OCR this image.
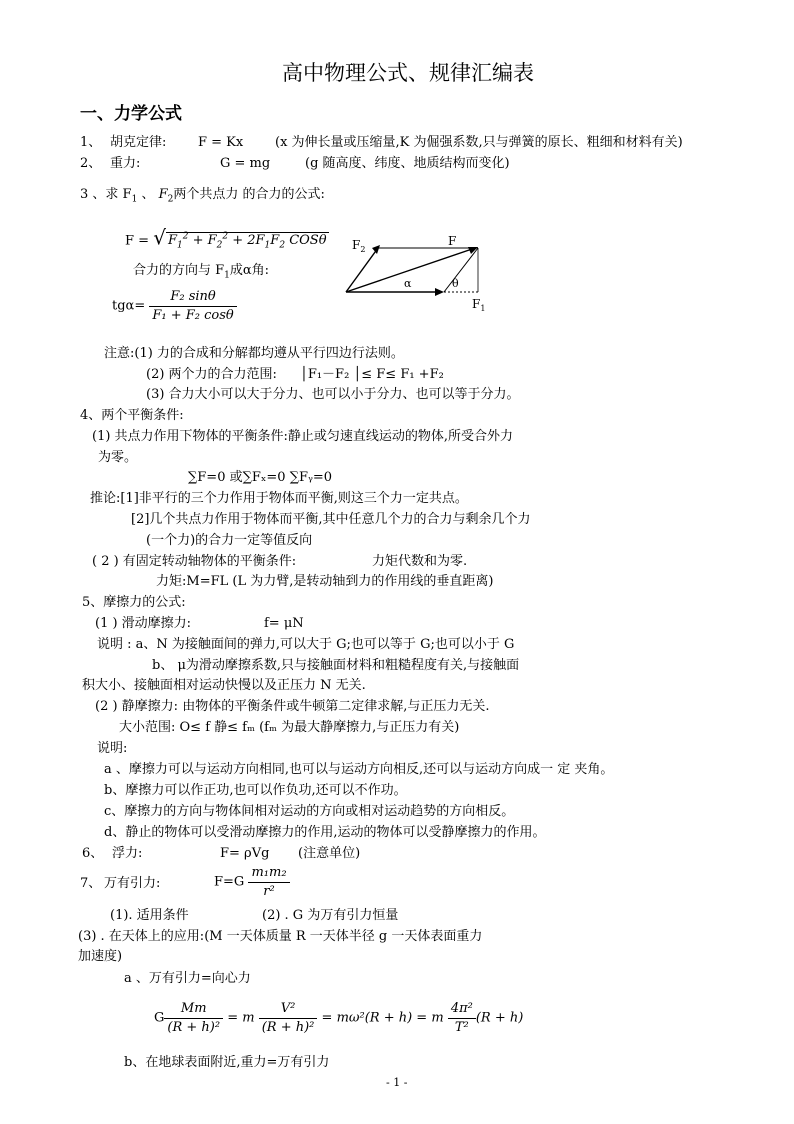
高中物理公式、规律汇编表
一、力学公式
1、 胡克定律: F = Kx (x 为伸长量或压缩量,K 为倔强系数,只与弹簧的原长、粗细和材料有关)
2、 重力:	G = mg	(g 随高度、纬度、地质结构而变化)
3 、求 $F_1$ 、 $F_2$两个共点力 的合力的公式:
F = √ $F_1^2 + F_2^2 + 2F_1F_2$ COSθ
合力的方向与 $F_1$成α角:
$tg\alpha= \frac{\text{F₂ sinθ}}{\text{F₁ + F₂ cosθ}}$
$F_2$
F
α	θ
$F_1$
注意:(1) 力的合成和分解都均遵从平行四边行法则。
(2) 两个力的合力范围: │F₁－F₂ │≤ F≤ F₁ +F₂
(3) 合力大小可以大于分力、也可以小于分力、也可以等于分力。
4、两个平衡条件:
(1) 共点力作用下物体的平衡条件:静止或匀速直线运动的物体,所受合外力
为零。
∑F=0 或∑Fₓ=0 ∑Fᵧ=0
推论:[1]非平行的三个力作用于物体而平衡,则这三个力一定共点。
[2]几个共点力作用于物体而平衡,其中任意几个力的合力与剩余几个力
(一个力)的合力一定等值反向
( 2 ) 有固定转动轴物体的平衡条件:	力矩代数和为零.
力矩:M=FL (L 为力臂,是转动轴到力的作用线的垂直距离)
5、摩擦力的公式:
(1 ) 滑动摩擦力:	f= μN
说明 : a、N 为接触面间的弹力,可以大于 G;也可以等于 G;也可以小于 G
b、 μ为滑动摩擦系数,只与接触面材料和粗糙程度有关,与接触面
积大小、接触面相对运动快慢以及正压力 N 无关.
(2 ) 静摩擦力: 由物体的平衡条件或牛顿第二定律求解,与正压力无关.
大小范围: O≤ f 静≤ fₘ (fₘ 为最大静摩擦力,与正压力有关)
说明:
a 、摩擦力可以与运动方向相同,也可以与运动方向相反,还可以与运动方向成一 定 夹角。
b、摩擦力可以作正功,也可以作负功,还可以不作功。
c、摩擦力的方向与物体间相对运动的方向或相对运动趋势的方向相反。
d、静止的物体可以受滑动摩擦力的作用,运动的物体可以受静摩擦力的作用。
6、 浮力:	F= ρVg (注意单位)
7、 万有引力:	$F=G \frac{\text{m₁m₂}}{\text{r²}}$
(1). 适用条件	(2) . G 为万有引力恒量
(3) . 在天体上的应用:(M 一天体质量 R 一天体半径 g 一天体表面重力
加速度)
a 、万有引力=向心力
G $\frac{Mm}{\text{(R + h)²}} = m \frac{\text{V²}}{\text{(R + h)²}} = m\omega^2(R + h) = m \frac{\text{4π²}}{\text{T²}} (R + h)$
b、在地球表面附近,重力=万有引力
- 1 -
